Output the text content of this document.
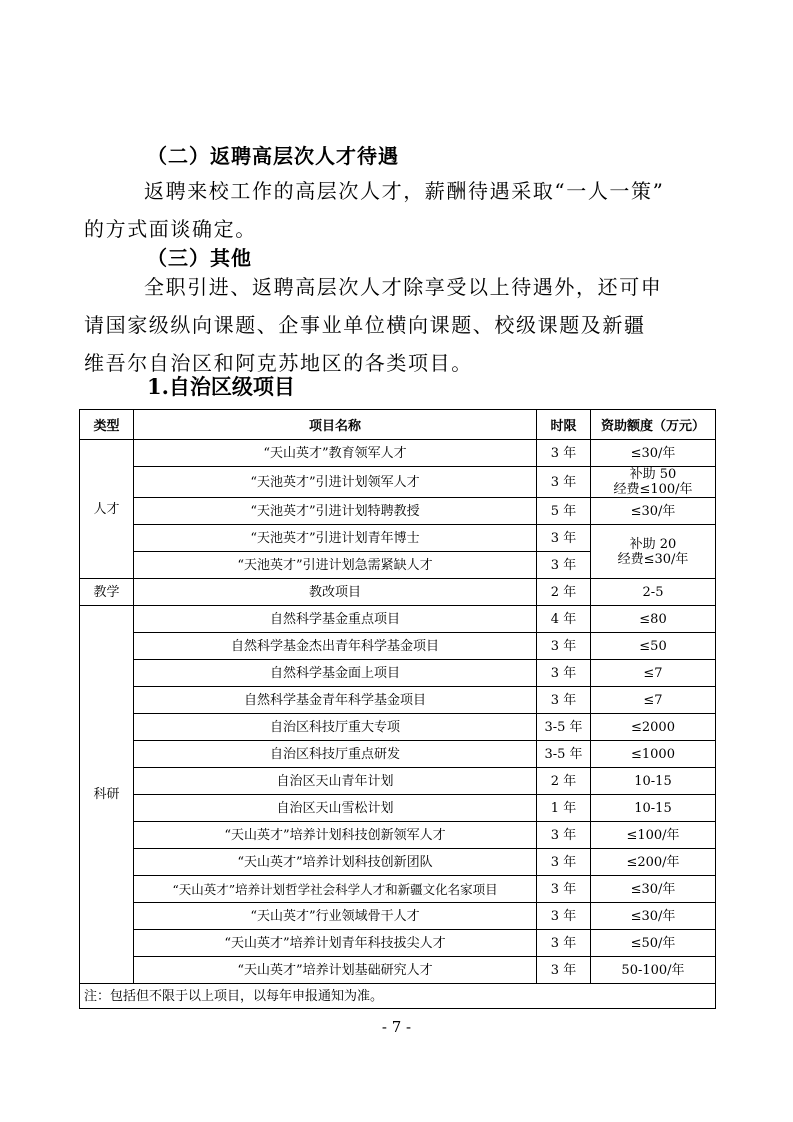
（二）返聘高层次人才待遇
返聘来校工作的高层次人才，薪酬待遇采取“一人一策”
的方式面谈确定。
（三）其他
全职引进、返聘高层次人才除享受以上待遇外，还可申
请国家级纵向课题、企事业单位横向课题、校级课题及新疆
维吾尔自治区和阿克苏地区的各类项目。
1.自治区级项目
类型	项目名称	时限	资助额度（万元）
人才	“天山英才”教育领军人才	3 年	≤30/年
	“天池英才”引进计划领军人才	3 年	补助 50
经费≤100/年

	“天池英才”引进计划特聘教授	5 年	≤30/年
	“天池英才”引进计划青年博士	3 年	补助 20
经费≤30/年

	“天池英才”引进计划急需紧缺人才	3 年	
教学	教改项目	2 年	2-5
科研	自然科学基金重点项目	4 年	≤80
	自然科学基金杰出青年科学基金项目	3 年	≤50
	自然科学基金面上项目	3 年	≤7
	自然科学基金青年科学基金项目	3 年	≤7
	自治区科技厅重大专项	3-5 年	≤2000
	自治区科技厅重点研发	3-5 年	≤1000
	自治区天山青年计划	2 年	10-15
	自治区天山雪松计划	1 年	10-15
	“天山英才”培养计划科技创新领军人才	3 年	≤100/年
	“天山英才”培养计划科技创新团队	3 年	≤200/年
	“天山英才”培养计划哲学社会科学人才和新疆文化名家项目	3 年	≤30/年
	“天山英才”行业领域骨干人才	3 年	≤30/年
	“天山英才”培养计划青年科技拔尖人才	3 年	≤50/年
	“天山英才”培养计划基础研究人才	3 年	50-100/年
注：包括但不限于以上项目，以每年申报通知为准。			
- 7 -
